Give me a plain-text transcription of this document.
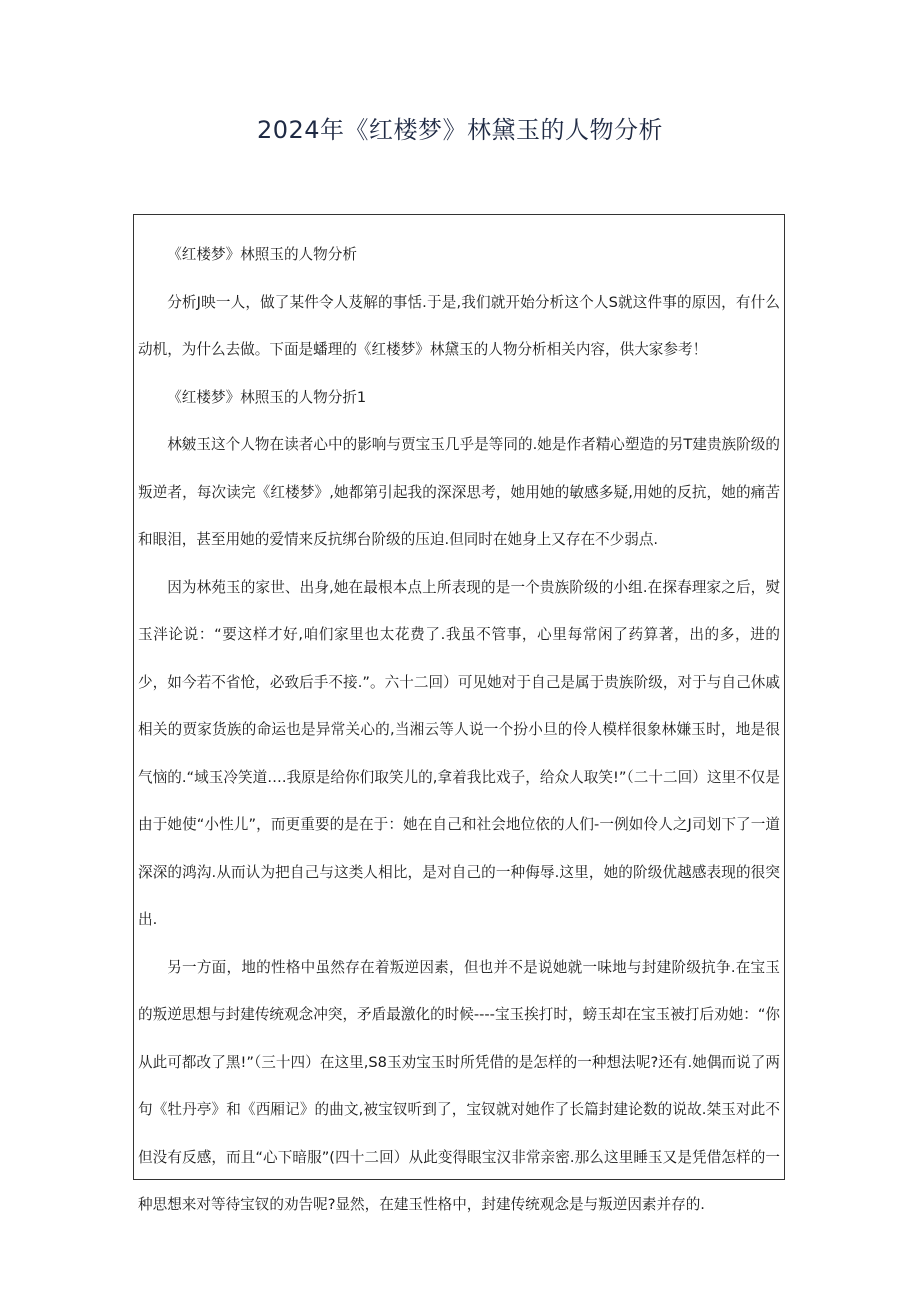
2024年《红楼梦》林黛玉的人物分析

《红楼梦》林照玉的人物分析

分析J映一人，做了某件令人芨解的事恬.于是,我们就开始分析这个人S就这件事的原因，有什么动机，为什么去做。下面是蟠理的《红楼梦》林黛玉的人物分析相关内容，供大家参考！

《红楼梦》林照玉的人物分折1

林皴玉这个人物在读者心中的影响与贾宝玉几乎是等同的.她是作者精心塑造的另T建贵族阶级的叛逆者，每次读完《红楼梦》,她都第引起我的深深思考，她用她的敏感多疑,用她的反抗，她的痛苦和眼泪，甚至用她的爱情来反抗绑台阶级的压迫.但同时在她身上又存在不少弱点.

因为林苑玉的家世、出身,她在最根本点上所表现的是一个贵族阶级的小组.在探春理家之后，熨玉泮论说：“要这样才好,咱们家里也太花费了.我虽不管事，心里每常闲了药算著，出的多，进的少，如今若不省怆，必致后手不接.”。六十二回）可见她对于自己是属于贵族阶级，对于与自己休戚相关的贾家货族的命运也是异常关心的,当湘云等人说一个扮小旦的伶人模样很象林嫌玉时，地是很气恼的.“域玉冷笑道….我原是给你们取笑儿的,拿着我比戏子，给众人取笑!”（二十二回）这里不仅是由于她使“小性儿”，而更重要的是在于：她在自己和社会地位依的人们-一例如伶人之J司划下了一道深深的鸿沟.从而认为把自己与这类人相比，是对自己的一种侮辱.这里，她的阶级优越感表现的很突出.

另一方面，地的性格中虽然存在着叛逆因素，但也并不是说她就一味地与封建阶级抗争.在宝玉的叛逆思想与封建传统观念冲突，矛盾最激化的时候----宝玉挨打时，螃玉却在宝玉被打后劝她：“你从此可都改了黑!”（三十四）在这里,S8玉劝宝玉时所凭借的是怎样的一种想法呢?还有.她偶而说了两句《牡丹亭》和《西厢记》的曲文,被宝钗听到了，宝钗就对她作了长篇封建论数的说故.桀玉对此不但没有反感，而且“心下暗服”(四十二回）从此变得眼宝汉非常亲密.那么这里睡玉又是凭借怎样的一种思想来对等待宝钗的劝告呢?显然，在建玉性格中，封建传统观念是与叛逆因素并存的.
